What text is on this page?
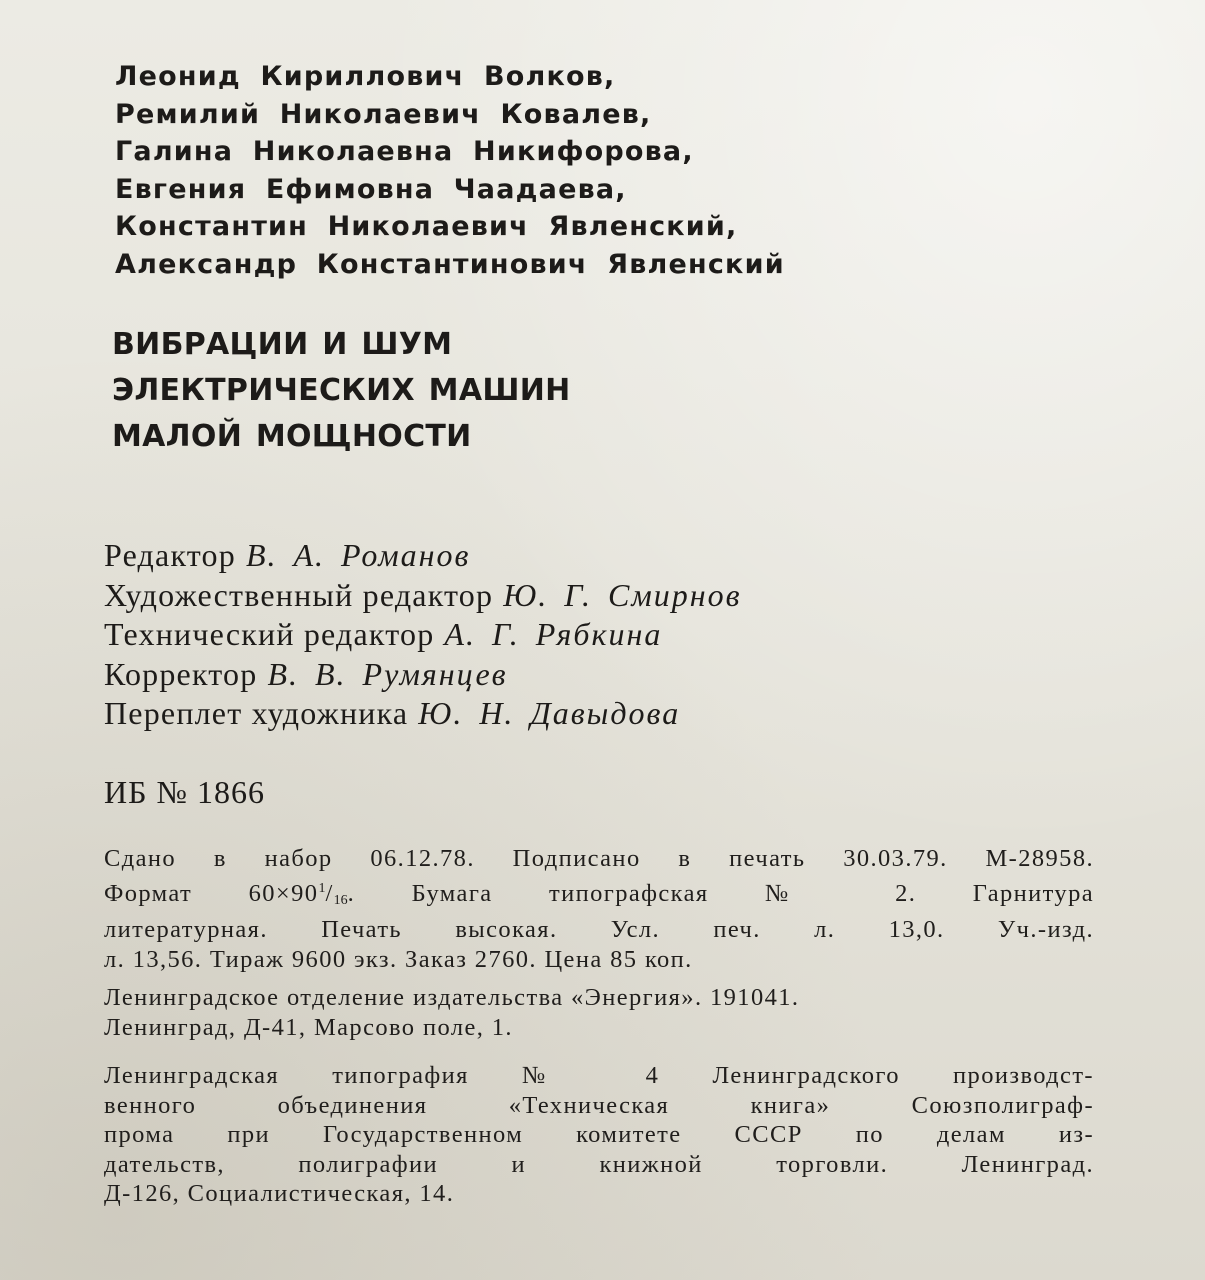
Леонид Кириллович Волков,
Ремилий Николаевич Ковалев,
Галина Николаевна Никифорова,
Евгения Ефимовна Чаадаева,
Константин Николаевич Явленский,
Александр Константинович Явленский
ВИБРАЦИИ И ШУМ
ЭЛЕКТРИЧЕСКИХ МАШИН
МАЛОЙ МОЩНОСТИ
Редактор В. А. Романов
Художественный редактор Ю. Г. Смирнов
Технический редактор А. Г. Рябкина
Корректор В. В. Румянцев
Переплет художника Ю. Н. Давыдова

ИБ № 1866

Сдано в набор 06.12.78. Подписано в печать 30.03.79. М-28958.
Формат $60\times 90^1/_{16}$. Бумага типографская № 2. Гарнитура
литературная. Печать высокая. Усл. печ. л. 13,0. Уч.-изд.
л. 13,56. Тираж 9600 экз. Заказ 2760. Цена 85 коп.

Ленинградское отделение издательства «Энергия». 191041.
Ленинград, Д-41, Марсово поле, 1.

Ленинградская типография № 4 Ленинградского производст-
венного объединения «Техническая книга» Союзполиграф-
прома при Государственном комитете СССР по делам из-
дательств, полиграфии и книжной торговли. Ленинград.
Д-126, Социалистическая, 14.
